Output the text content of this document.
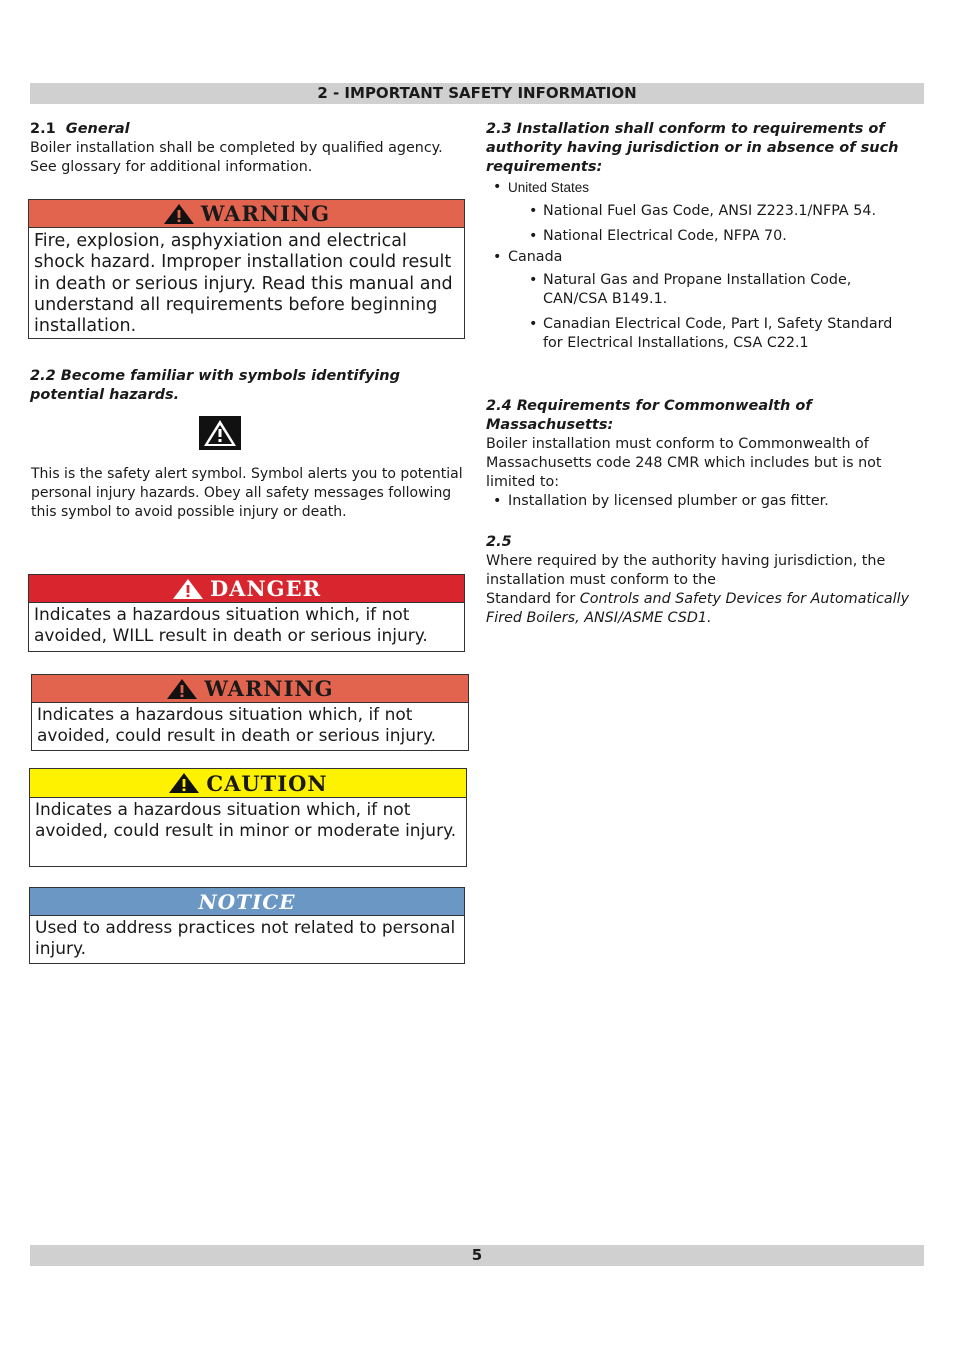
2 - IMPORTANT SAFETY INFORMATION
2.1 General
Boiler installation shall be completed by qualified agency. See glossary for additional information.
WARNING
Fire, explosion, asphyxiation and electrical shock hazard. Improper installation could result in death or serious injury. Read this manual and understand all requirements before beginning installation.
2.2 Become familiar with symbols identifying potential hazards.
This is the safety alert symbol. Symbol alerts you to potential personal injury hazards. Obey all safety messages following this symbol to avoid possible injury or death.
DANGER
Indicates a hazardous situation which, if not avoided, WILL result in death or serious injury.
WARNING
Indicates a hazardous situation which, if not avoided, could result in death or serious injury.
CAUTION
Indicates a hazardous situation which, if not avoided, could result in minor or moderate injury.
NOTICE
Used to address practices not related to personal injury.
2.3 Installation shall conform to requirements of authority having jurisdiction or in absence of such requirements:
• United States
• National Fuel Gas Code, ANSI Z223.1/NFPA 54.
• National Electrical Code, NFPA 70.
• Canada
• Natural Gas and Propane Installation Code, CAN/CSA B149.1.
• Canadian Electrical Code, Part I, Safety Standard for Electrical Installations, CSA C22.1
2.4 Requirements for Commonwealth of Massachusetts:
Boiler installation must conform to Commonwealth of Massachusetts code 248 CMR which includes but is not limited to:
• Installation by licensed plumber or gas fitter.
2.5
Where required by the authority having jurisdiction, the installation must conform to the
Standard for Controls and Safety Devices for Automatically Fired Boilers, ANSI/ASME CSD1.
5
